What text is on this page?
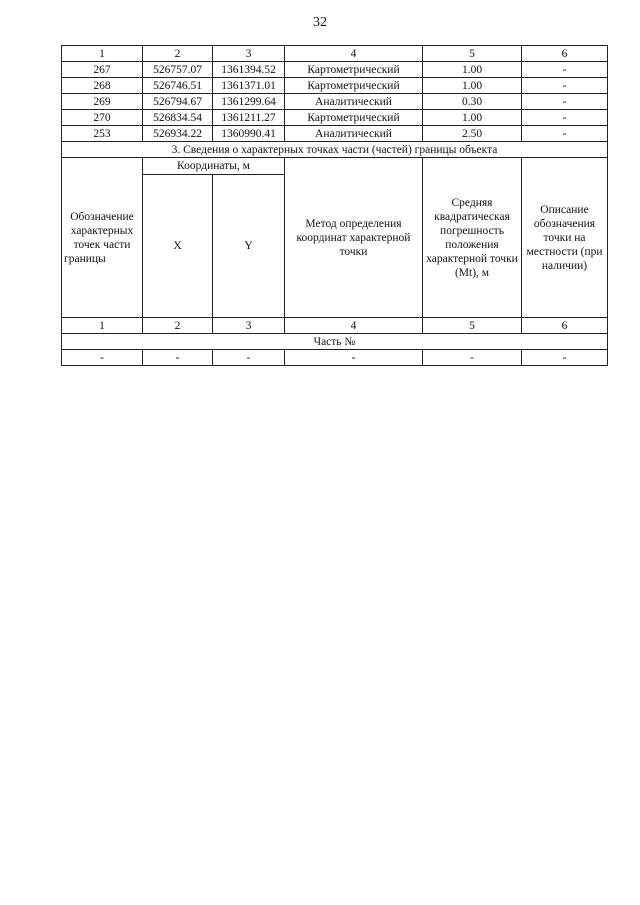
32
1	2	3	4	5	6
267	526757.07	1361394.52	Картометрический	1.00	-
268	526746.51	1361371.01	Картометрический	1.00	-
269	526794.67	1361299.64	Аналитический	0.30	-
270	526834.54	1361211.27	Картометрический	1.00	-
253	526934.22	1360990.41	Аналитический	2.50	-
3. Сведения о характерных точках части (частей) границы объекта					
Обозначение характерных точек части границы	Координаты, м		Метод определения координат характерной точки	Средняя квадратическая погрешность положения характерной точки (Mt), м	Описание обозначения точки на местности (при наличии)
	X	Y			
1	2	3	4	5	6
Часть №					
-	-	-	-	-	-
